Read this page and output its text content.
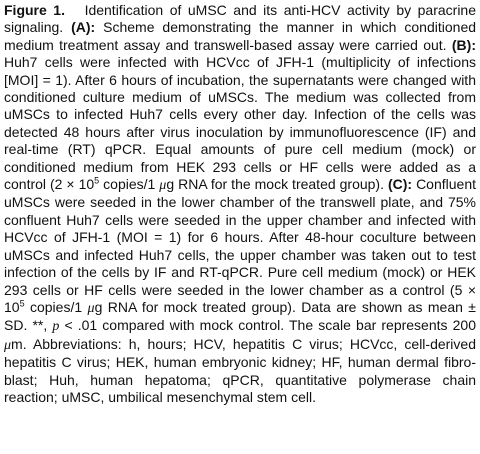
Figure 1. Identification of uMSC and its anti-HCV activity by paracrine signaling. (A): Scheme demonstrating the manner in which conditioned medium treatment assay and transwell-based assay were carried out. (B): Huh7 cells were infected with HCVcc of JFH-1 (multiplicity of infections [MOI] = 1). After 6 hours of incubation, the supernatants were changed with conditioned culture medium of uMSCs. The medium was collected from uMSCs to infected Huh7 cells every other day. Infection of the cells was detected 48 hours after virus inoculation by immunofluorescence (IF) and real-time (RT) qPCR. Equal amounts of pure cell medium (mock) or conditioned medium from HEK 293 cells or HF cells were added as a control ($2 \times 10^5$ copies/1 μg RNA for the mock treated group). (C): Confluent uMSCs were seeded in the lower chamber of the transwell plate, and 75% confluent Huh7 cells were seeded in the upper chamber and infected with HCVcc of JFH-1 (MOI = 1) for 6 hours. After 48-hour coculture between uMSCs and infected Huh7 cells, the upper chamber was taken out to test infection of the cells by IF and RT-qPCR. Pure cell medium (mock) or HEK 293 cells or HF cells were seeded in the lower chamber as a control ($5 \times 10^5$ copies/1 μg RNA for mock treated group). Data are shown as mean ± SD. **, p < .01 compared with mock control. The scale bar represents 200 μm. Abbreviations: h, hours; HCV, hepatitis C virus; HCVcc, cell-derived hepatitis C virus; HEK, human embryonic kidney; HF, human dermal fibroblast; Huh, human hepatoma; qPCR, quantitative polymerase chain reaction; uMSC, umbilical mesenchymal stem cell.
